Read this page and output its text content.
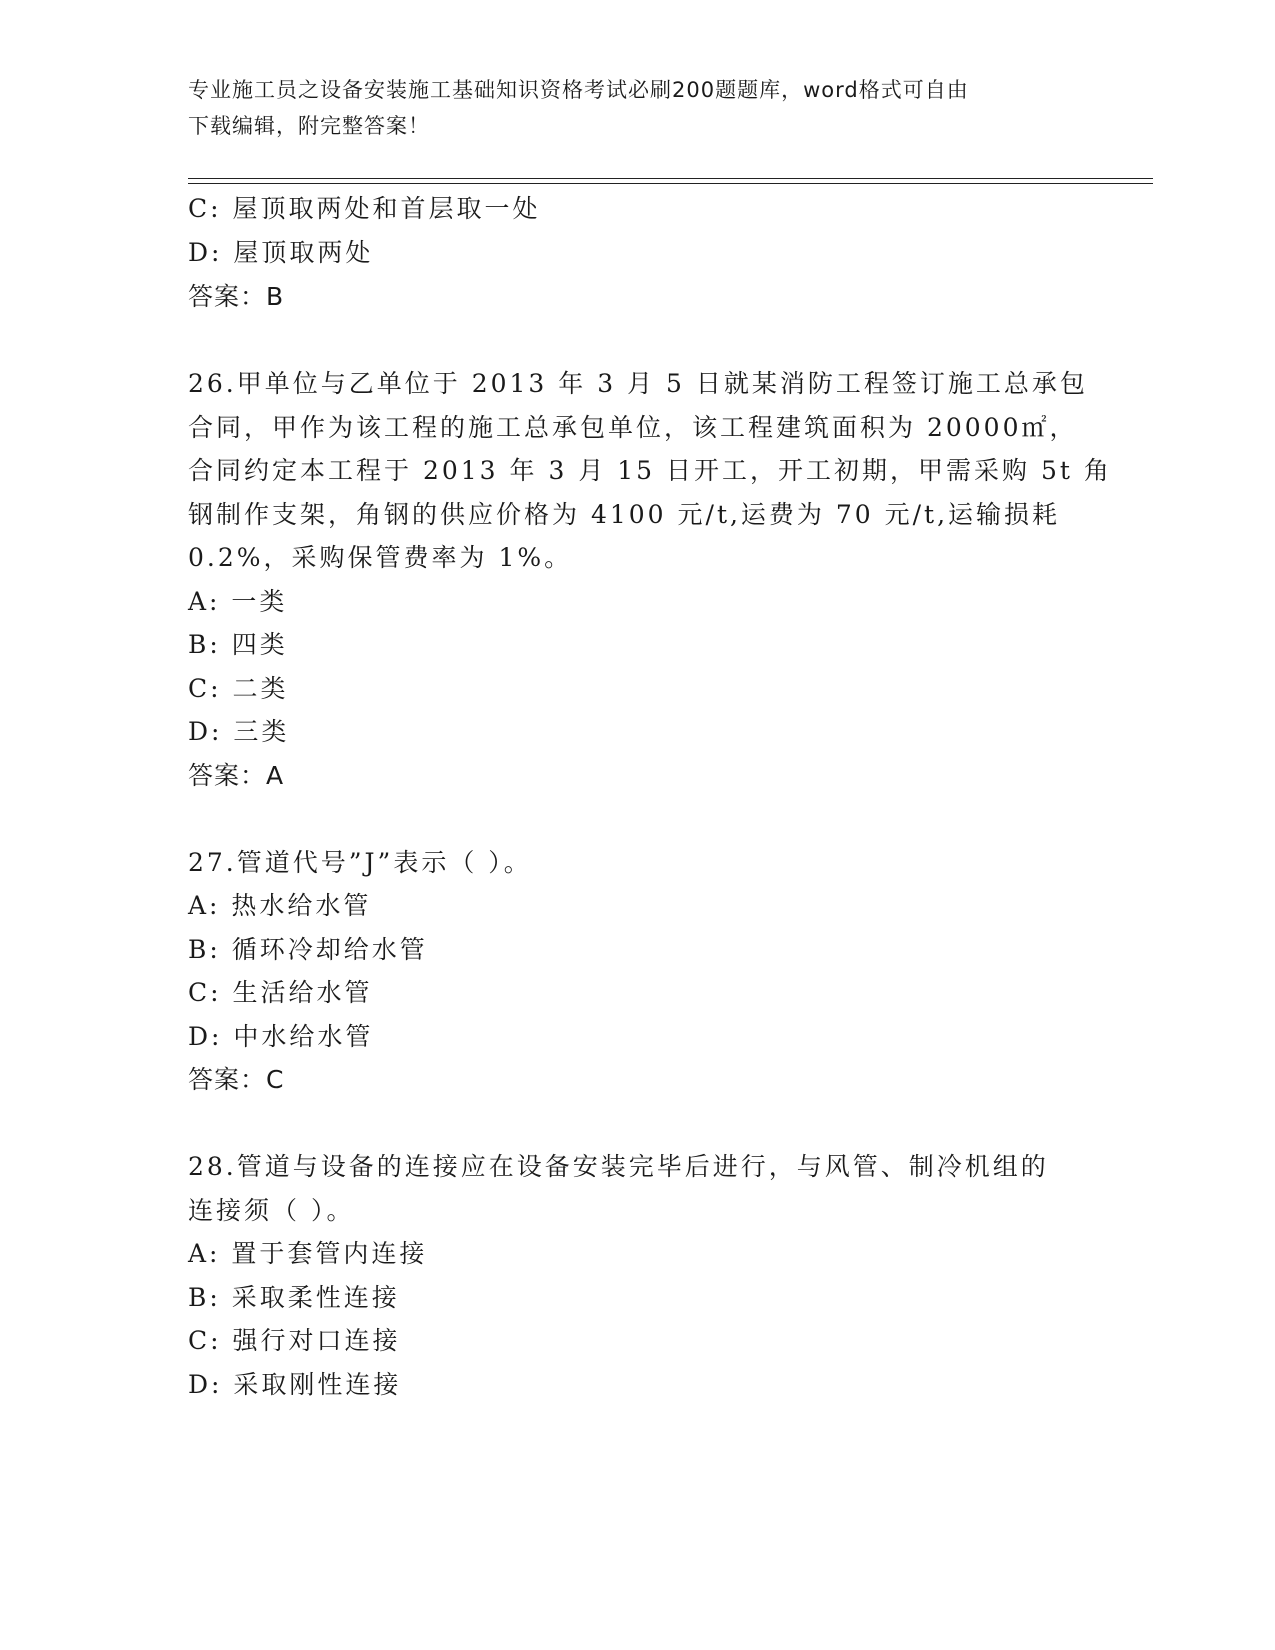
专业施工员之设备安装施工基础知识资格考试必刷200题题库，word格式可自由
下载编辑，附完整答案！
C: 屋顶取两处和首层取一处
D: 屋顶取两处
答案：B
26.甲单位与乙单位于 2013 年 3 月 5 日就某消防工程签订施工总承包
合同，甲作为该工程的施工总承包单位，该工程建筑面积为 20000㎡，
合同约定本工程于 2013 年 3 月 15 日开工，开工初期，甲需采购 5t 角
钢制作支架，角钢的供应价格为 4100 元/t,运费为 70 元/t,运输损耗
0.2%，采购保管费率为 1%。
A: 一类
B: 四类
C: 二类
D: 三类
答案：A
27.管道代号”J”表示（ ）。
A: 热水给水管
B: 循环冷却给水管
C: 生活给水管
D: 中水给水管
答案：C
28.管道与设备的连接应在设备安装完毕后进行，与风管、制冷机组的
连接须（ ）。
A: 置于套管内连接
B: 采取柔性连接
C: 强行对口连接
D: 采取刚性连接
